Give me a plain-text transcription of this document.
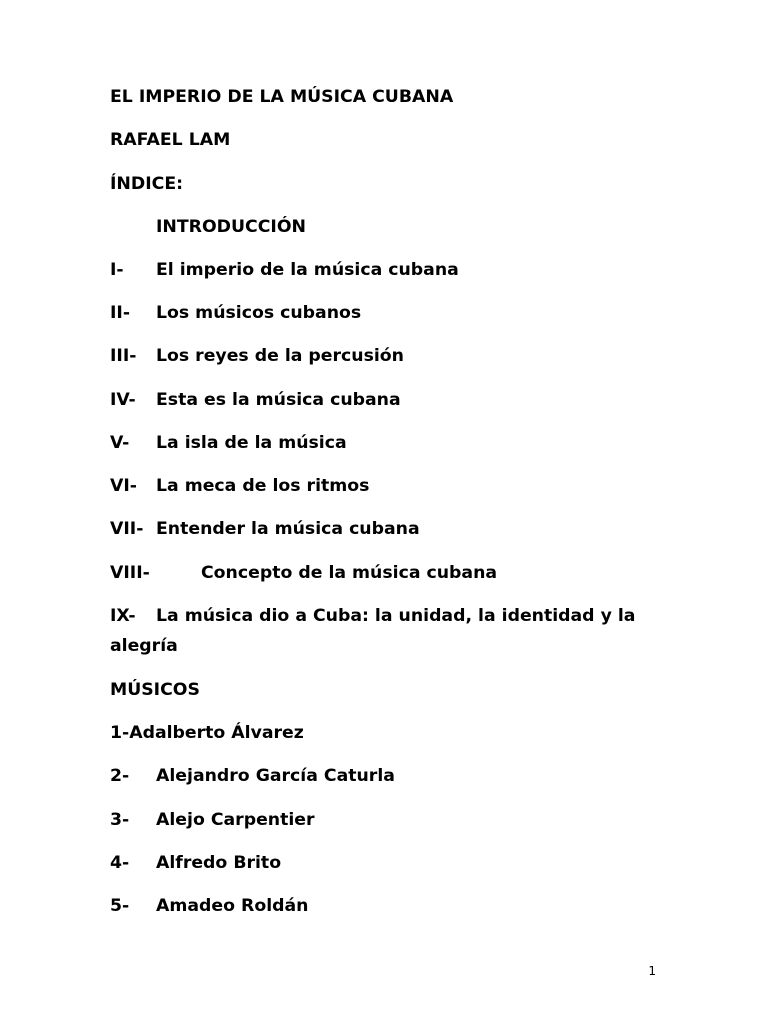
EL IMPERIO DE LA MÚSICA CUBANA
RAFAEL LAM
ÍNDICE:
INTRODUCCIÓN
I- El imperio de la música cubana
II- Los músicos cubanos
III- Los reyes de la percusión
IV- Esta es la música cubana
V- La isla de la música
VI- La meca de los ritmos
VII- Entender la música cubana
VIII-	Concepto de la música cubana
IX- La música dio a Cuba: la unidad, la identidad y la
alegría
MÚSICOS
1-Adalberto Álvarez
2- Alejandro García Caturla
3- Alejo Carpentier
4- Alfredo Brito
5- Amadeo Roldán
1
